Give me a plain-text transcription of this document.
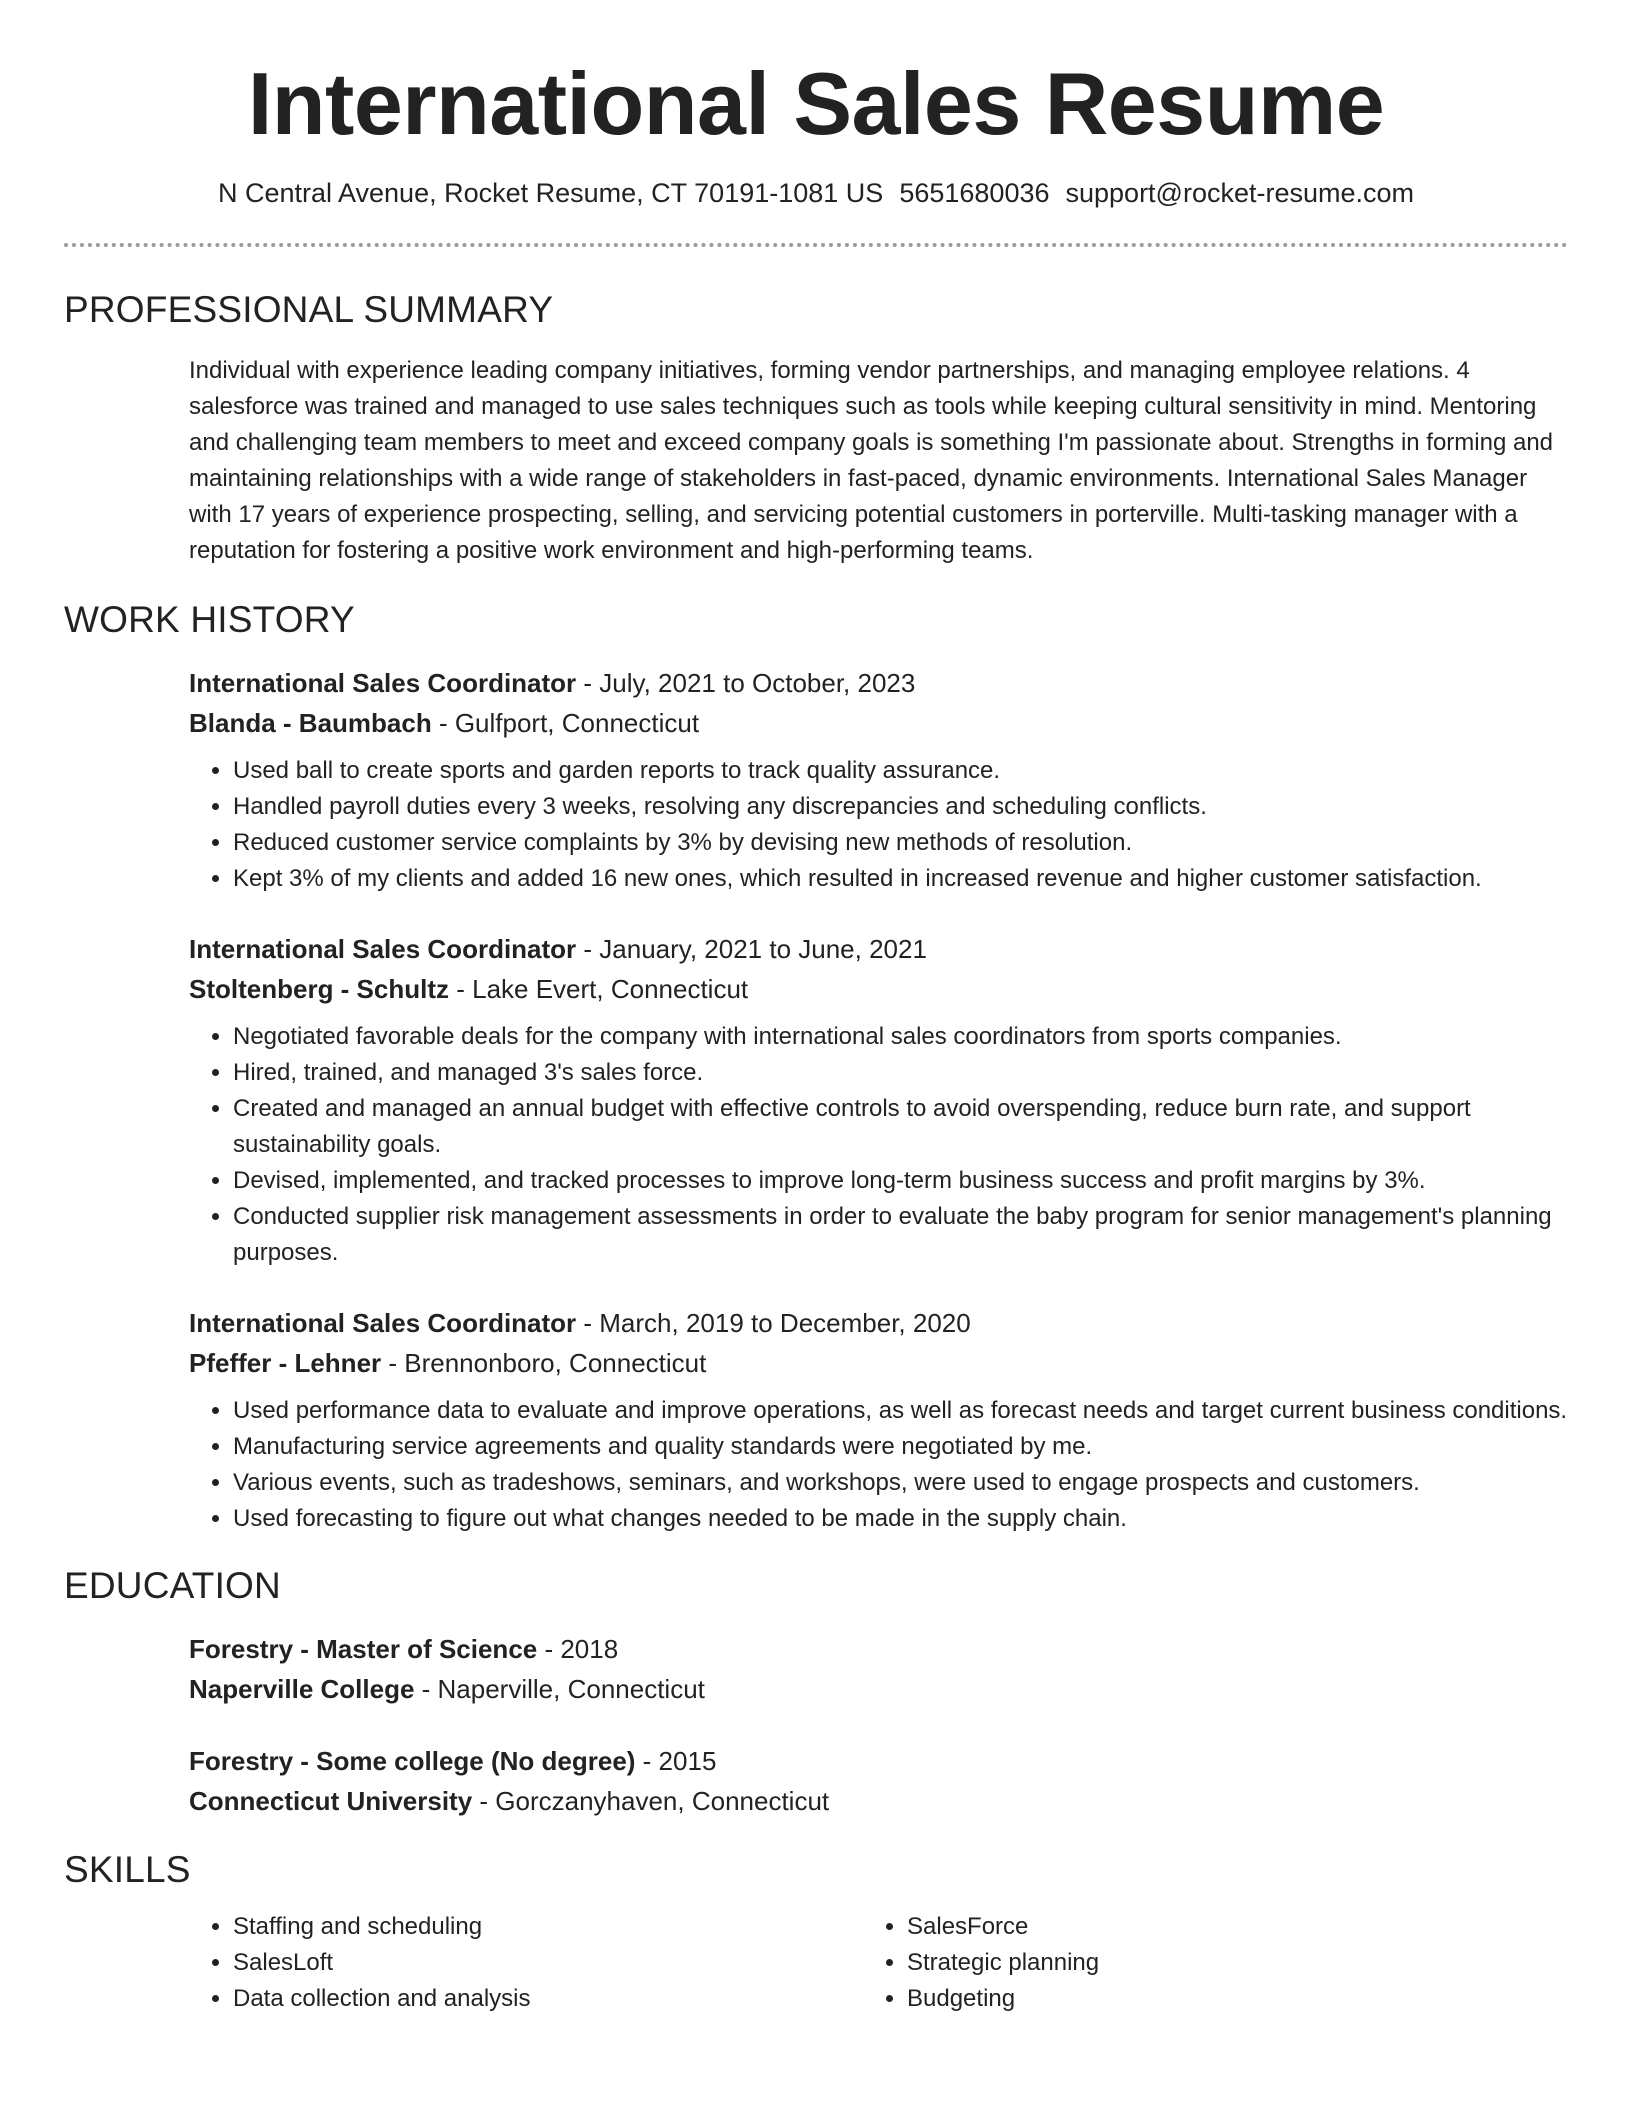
International Sales Resume
N Central Avenue, Rocket Resume, CT 70191-1081 US 5651680036 support@rocket-resume.com
PROFESSIONAL SUMMARY

Individual with experience leading company initiatives, forming vendor partnerships, and managing employee relations. 4 salesforce was trained and managed to use sales techniques such as tools while keeping cultural sensitivity in mind. Mentoring and challenging team members to meet and exceed company goals is something I'm passionate about. Strengths in forming and maintaining relationships with a wide range of stakeholders in fast-paced, dynamic environments. International Sales Manager with 17 years of experience prospecting, selling, and servicing potential customers in porterville. Multi-tasking manager with a reputation for fostering a positive work environment and high-performing teams.

WORK HISTORY
International Sales Coordinator - July, 2021 to October, 2023
Blanda - Baumbach - Gulfport, Connecticut
• Used ball to create sports and garden reports to track quality assurance.
• Handled payroll duties every 3 weeks, resolving any discrepancies and scheduling conflicts.
• Reduced customer service complaints by 3% by devising new methods of resolution.
• Kept 3% of my clients and added 16 new ones, which resulted in increased revenue and higher customer satisfaction.
International Sales Coordinator - January, 2021 to June, 2021
Stoltenberg - Schultz - Lake Evert, Connecticut
• Negotiated favorable deals for the company with international sales coordinators from sports companies.
• Hired, trained, and managed 3's sales force.
• Created and managed an annual budget with effective controls to avoid overspending, reduce burn rate, and support sustainability goals.
• Devised, implemented, and tracked processes to improve long-term business success and profit margins by 3%.
• Conducted supplier risk management assessments in order to evaluate the baby program for senior management's planning purposes.
International Sales Coordinator - March, 2019 to December, 2020
Pfeffer - Lehner - Brennonboro, Connecticut
• Used performance data to evaluate and improve operations, as well as forecast needs and target current business conditions.
• Manufacturing service agreements and quality standards were negotiated by me.
• Various events, such as tradeshows, seminars, and workshops, were used to engage prospects and customers.
• Used forecasting to figure out what changes needed to be made in the supply chain.
EDUCATION
Forestry - Master of Science - 2018
Naperville College - Naperville, Connecticut
Forestry - Some college (No degree) - 2015
Connecticut University - Gorczanyhaven, Connecticut
SKILLS
• Staffing and scheduling
• SalesLoft
• Data collection and analysis
• SalesForce
• Strategic planning
• Budgeting
